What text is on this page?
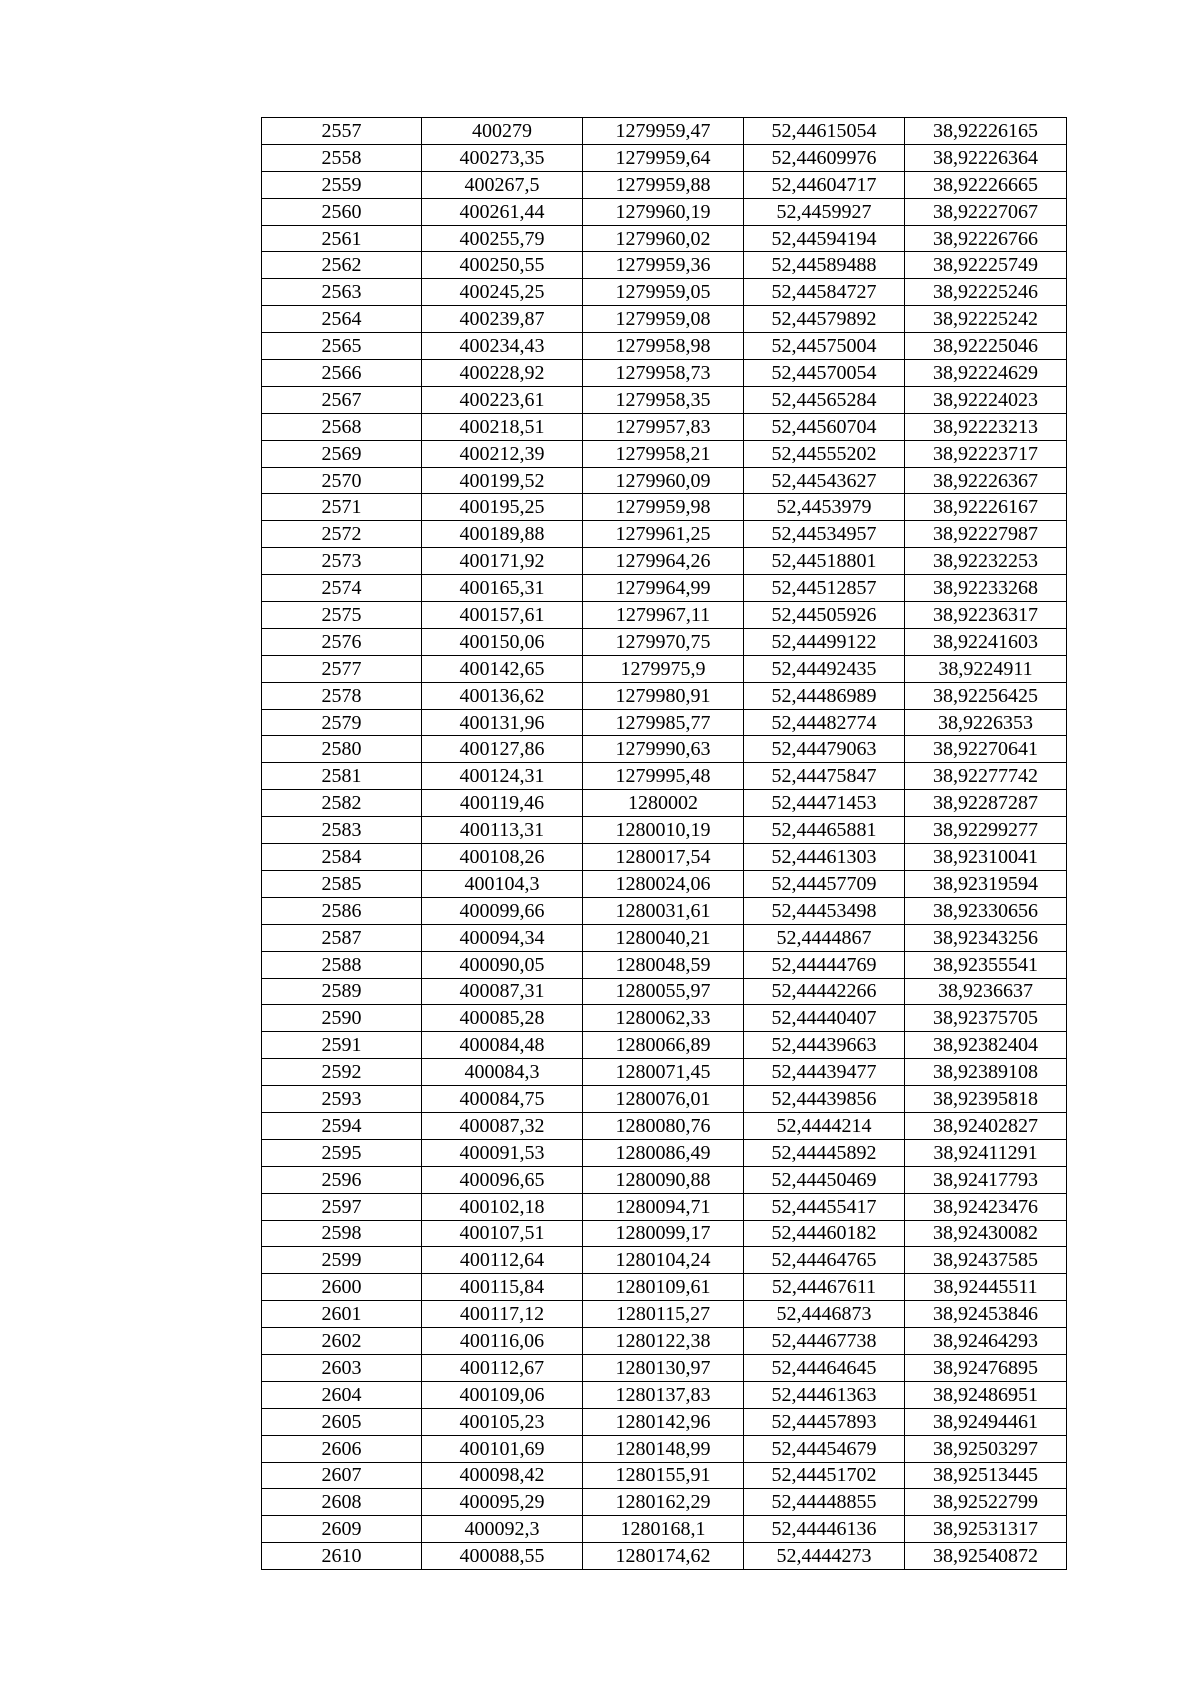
2557	400279	1279959,47	52,44615054	38,92226165
2558	400273,35	1279959,64	52,44609976	38,92226364
2559	400267,5	1279959,88	52,44604717	38,92226665
2560	400261,44	1279960,19	52,4459927	38,92227067
2561	400255,79	1279960,02	52,44594194	38,92226766
2562	400250,55	1279959,36	52,44589488	38,92225749
2563	400245,25	1279959,05	52,44584727	38,92225246
2564	400239,87	1279959,08	52,44579892	38,92225242
2565	400234,43	1279958,98	52,44575004	38,92225046
2566	400228,92	1279958,73	52,44570054	38,92224629
2567	400223,61	1279958,35	52,44565284	38,92224023
2568	400218,51	1279957,83	52,44560704	38,92223213
2569	400212,39	1279958,21	52,44555202	38,92223717
2570	400199,52	1279960,09	52,44543627	38,92226367
2571	400195,25	1279959,98	52,4453979	38,92226167
2572	400189,88	1279961,25	52,44534957	38,92227987
2573	400171,92	1279964,26	52,44518801	38,92232253
2574	400165,31	1279964,99	52,44512857	38,92233268
2575	400157,61	1279967,11	52,44505926	38,92236317
2576	400150,06	1279970,75	52,44499122	38,92241603
2577	400142,65	1279975,9	52,44492435	38,9224911
2578	400136,62	1279980,91	52,44486989	38,92256425
2579	400131,96	1279985,77	52,44482774	38,9226353
2580	400127,86	1279990,63	52,44479063	38,92270641
2581	400124,31	1279995,48	52,44475847	38,92277742
2582	400119,46	1280002	52,44471453	38,92287287
2583	400113,31	1280010,19	52,44465881	38,92299277
2584	400108,26	1280017,54	52,44461303	38,92310041
2585	400104,3	1280024,06	52,44457709	38,92319594
2586	400099,66	1280031,61	52,44453498	38,92330656
2587	400094,34	1280040,21	52,4444867	38,92343256
2588	400090,05	1280048,59	52,44444769	38,92355541
2589	400087,31	1280055,97	52,44442266	38,9236637
2590	400085,28	1280062,33	52,44440407	38,92375705
2591	400084,48	1280066,89	52,44439663	38,92382404
2592	400084,3	1280071,45	52,44439477	38,92389108
2593	400084,75	1280076,01	52,44439856	38,92395818
2594	400087,32	1280080,76	52,4444214	38,92402827
2595	400091,53	1280086,49	52,44445892	38,92411291
2596	400096,65	1280090,88	52,44450469	38,92417793
2597	400102,18	1280094,71	52,44455417	38,92423476
2598	400107,51	1280099,17	52,44460182	38,92430082
2599	400112,64	1280104,24	52,44464765	38,92437585
2600	400115,84	1280109,61	52,44467611	38,92445511
2601	400117,12	1280115,27	52,4446873	38,92453846
2602	400116,06	1280122,38	52,44467738	38,92464293
2603	400112,67	1280130,97	52,44464645	38,92476895
2604	400109,06	1280137,83	52,44461363	38,92486951
2605	400105,23	1280142,96	52,44457893	38,92494461
2606	400101,69	1280148,99	52,44454679	38,92503297
2607	400098,42	1280155,91	52,44451702	38,92513445
2608	400095,29	1280162,29	52,44448855	38,92522799
2609	400092,3	1280168,1	52,44446136	38,92531317
2610	400088,55	1280174,62	52,4444273	38,92540872
